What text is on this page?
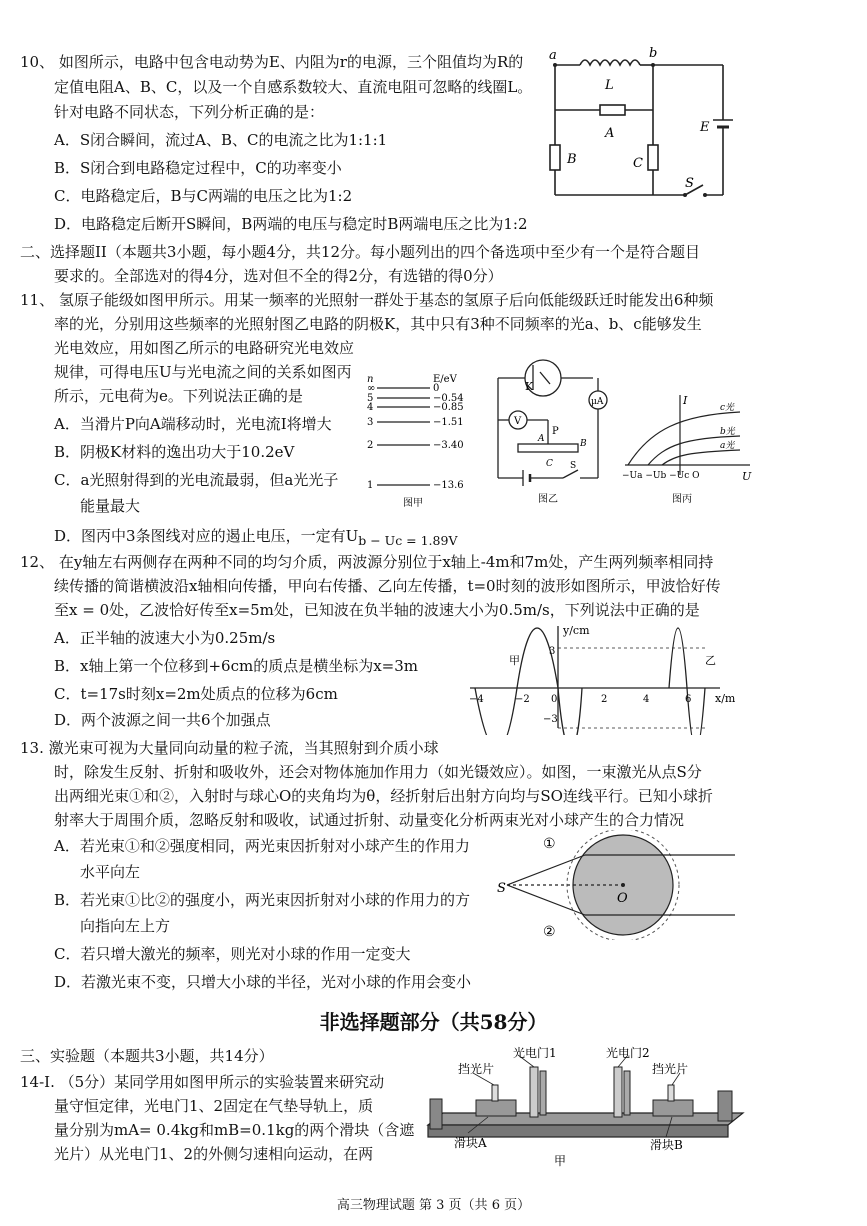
10、 如图所示，电路中包含电动势为E、内阻为r的电源，三个阻值均为R的
定值电阻A、B、C，以及一个自感系数较大、直流电阻可忽略的线圈L。
针对电路不同状态，下列分析正确的是：
A．S闭合瞬间，流过A、B、C的电流之比为1:1:1
B．S闭合到电路稳定过程中，C的功率变小
C．电路稳定后，B与C两端的电压之比为1:2
D．电路稳定后断开S瞬间，B两端的电压与稳定时B两端电压之比为1:2
a	b
L
A
B	C
E
S
二、选择题II（本题共3小题，每小题4分，共12分。每小题列出的四个备选项中至少有一个是符合题目
要求的。全部选对的得4分，选对但不全的得2分，有选错的得0分）
11、 氢原子能级如图甲所示。用某一频率的光照射一群处于基态的氢原子后向低能级跃迁时能发出6种频
率的光，分别用这些频率的光照射图乙电路的阴极K，其中只有3种不同频率的光a、b、c能够发生
光电效应，用如图乙所示的电路研究光电效应
规律，可得电压U与光电流之间的关系如图丙
所示，元电荷为e。下列说法正确的是
A．当滑片P向A端移动时，光电流I将增大
B．阴极K材料的逸出功大于10.2eV
C．a光照射得到的光电流最弱，但a光光子
能量最大
D．图丙中3条图线对应的遏止电压，一定有$U_{b - Uc = 1.89V}$
n	E/eV
∞	0
5	−0.54
4	−0.85
3	−1.51
2	−3.40
1	−13.6
图甲
K
V
μA
A
P
B
C S
图乙
I
c光
b光
a光
U
−Ua −Ub −Uc O
图丙
12、 在y轴左右两侧存在两种不同的均匀介质，两波源分别位于x轴上-4m和7m处，产生两列频率相同持
续传播的简谐横波沿x轴相向传播，甲向右传播、乙向左传播，t=0时刻的波形如图所示，甲波恰好传
至x = 0处，乙波恰好传至x=5m处，已知波在负半轴的波速大小为0.5m/s，下列说法中正确的是
A．正半轴的波速大小为0.25m/s
B．x轴上第一个位移到+6cm的质点是横坐标为x=3m
C．t=17s时刻x=2m处质点的位移为6cm
D．两个波源之间一共6个加强点
y/cm
x/m
甲	乙
3
−3
−4	−2 0	2	4	6
13. 激光束可视为大量同向动量的粒子流，当其照射到介质小球
时，除发生反射、折射和吸收外，还会对物体施加作用力（如光镊效应）。如图，一束激光从点S分
出两细光束①和②，入射时与球心O的夹角均为θ，经折射后出射方向均与SO连线平行。已知小球折
射率大于周围介质，忽略反射和吸收，试通过折射、动量变化分析两束光对小球产生的合力情况
A．若光束①和②强度相同，两光束因折射对小球产生的作用力
水平向左
B．若光束①比②的强度小，两光束因折射对小球的作用力的方
向指向左上方
C．若只增大激光的频率，则光对小球的作用一定变大
D．若激光束不变，只增大小球的半径，光对小球的作用会变小
①
②
S
O
非选择题部分（共58分）
三、实验题（本题共3小题，共14分）
14-I. （5分）某同学用如图甲所示的实验装置来研究动
量守恒定律，光电门1、2固定在气垫导轨上，质
量分别为mA= 0.4kg和mB=0.1kg的两个滑块（含遮
光片）从光电门1、2的外侧匀速相向运动，在两
光电门1	光电门2
挡光片	挡光片
滑块A	滑块B
甲
高三物理试题 第 3 页（共 6 页）
